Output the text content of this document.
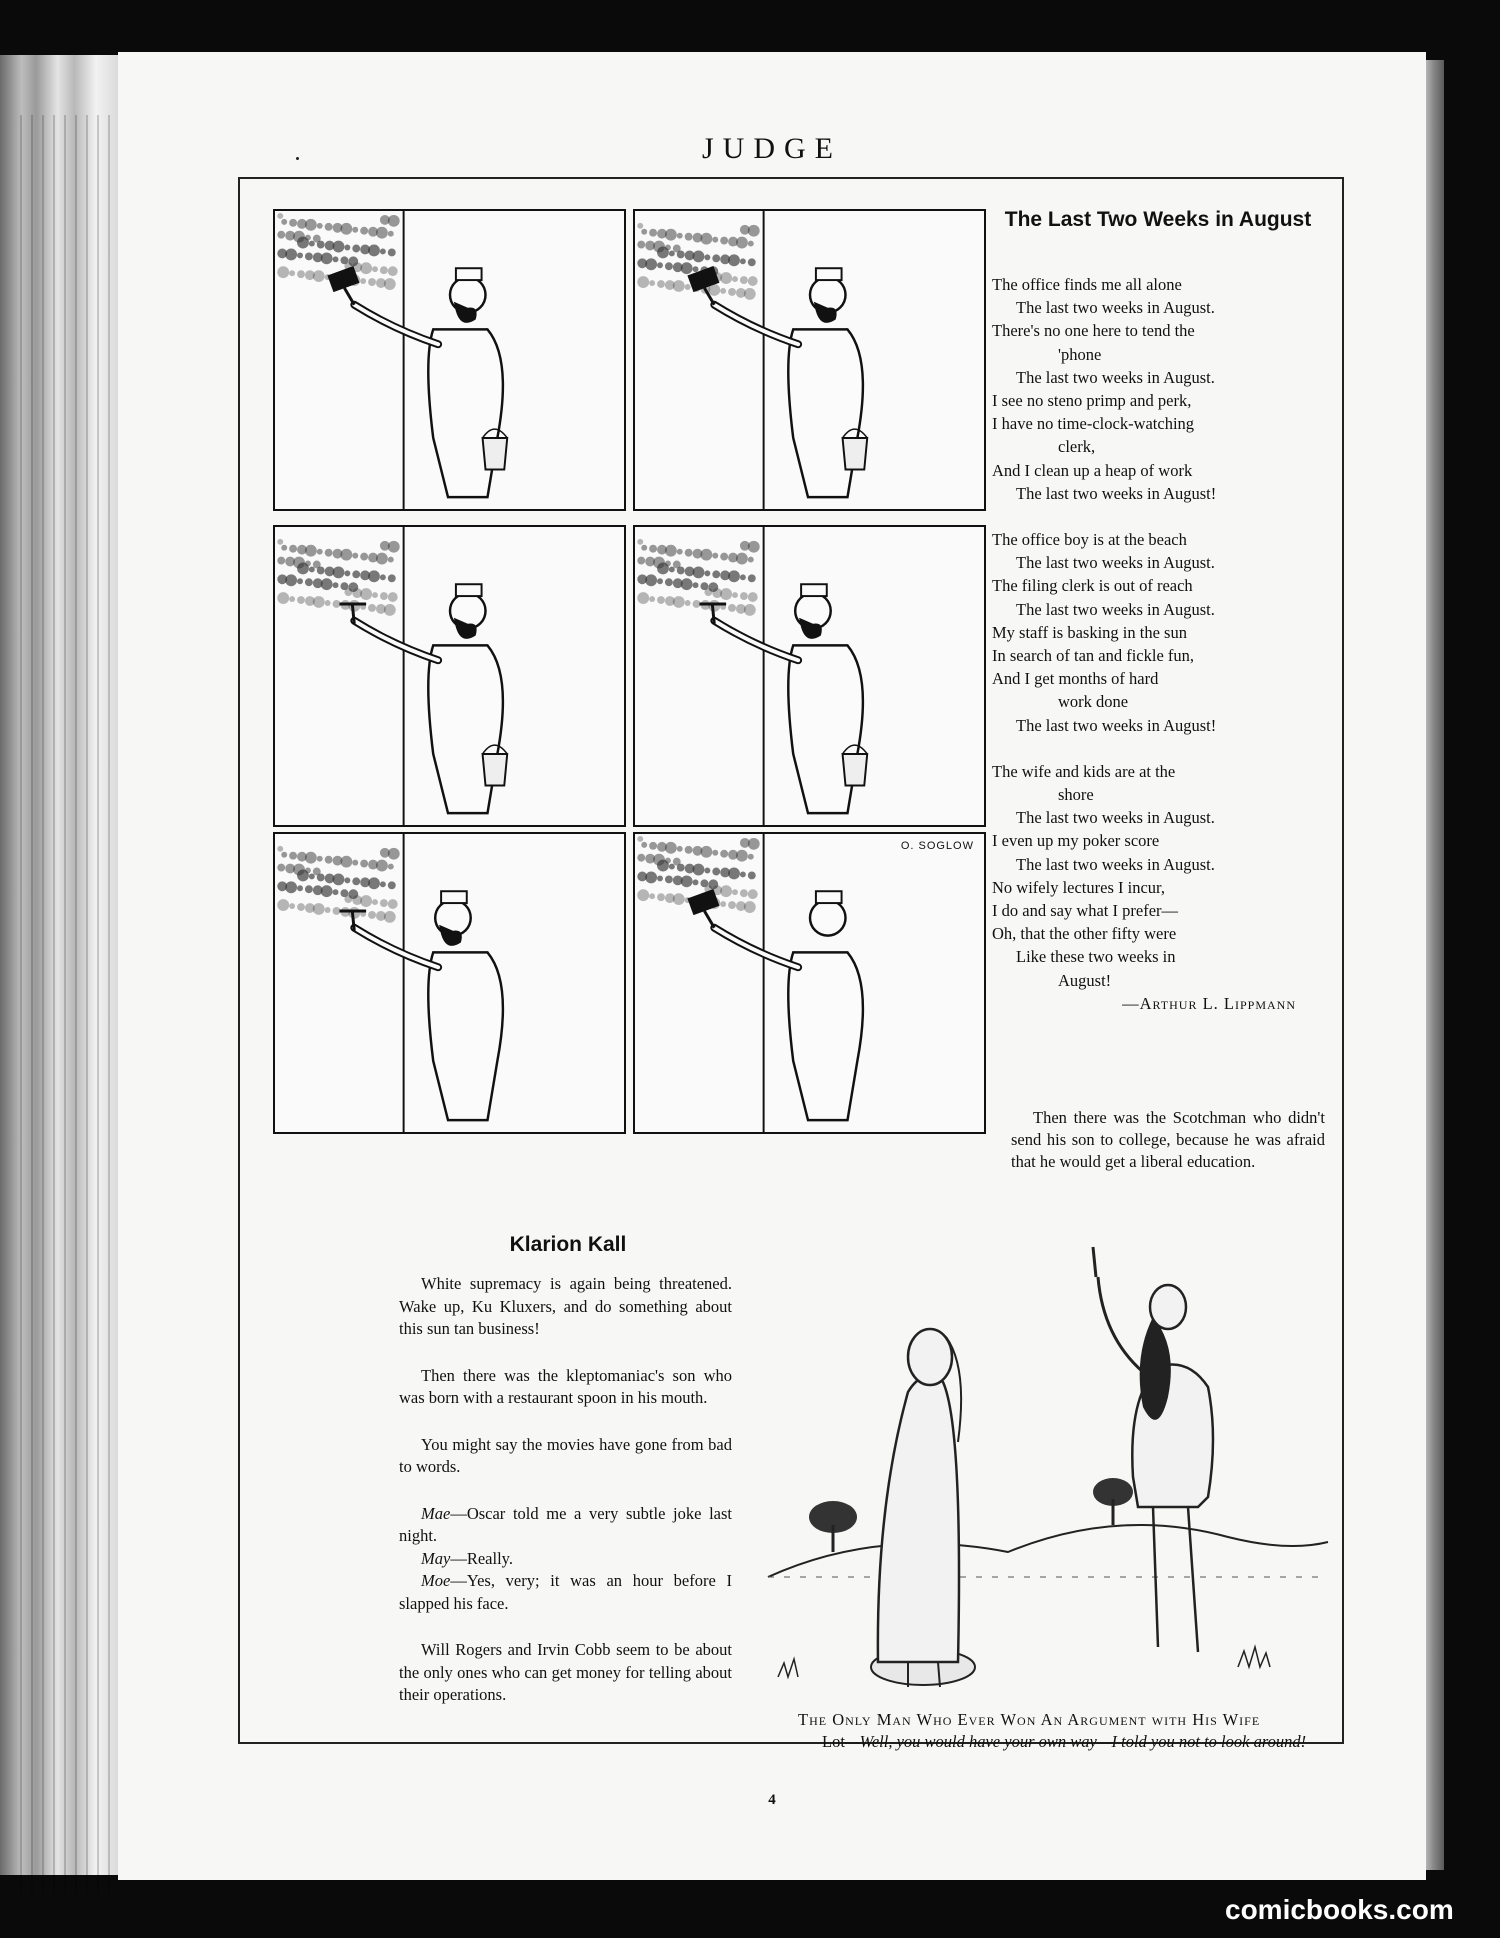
JUDGE
O. SOGLOW
The Last Two Weeks in August
The office finds me all alone
The last two weeks in August.
There's no one here to tend the
'phone
The last two weeks in August.
I see no steno primp and perk,
I have no time-clock-watching
clerk,
And I clean up a heap of work
The last two weeks in August!
The office boy is at the beach
The last two weeks in August.
The filing clerk is out of reach
The last two weeks in August.
My staff is basking in the sun
In search of tan and fickle fun,
And I get months of hard
work done
The last two weeks in August!
The wife and kids are at the
shore
The last two weeks in August.
I even up my poker score
The last two weeks in August.
No wifely lectures I incur,
I do and say what I prefer—
Oh, that the other fifty were
Like these two weeks in
August!
—Arthur L. Lippmann
Then there was the Scotchman who didn't send his son to college, because he was afraid that he would get a liberal education.
Klarion Kall

White supremacy is again being threatened. Wake up, Ku Kluxers, and do something about this sun tan business!

Then there was the kleptomaniac's son who was born with a restaurant spoon in his mouth.

You might say the movies have gone from bad to words.

Mae—Oscar told me a very subtle joke last night.

May—Really.

Moe—Yes, very; it was an hour before I slapped his face.

Will Rogers and Irvin Cobb seem to be about the only ones who can get money for telling about their operations.

The Only Man Who Ever Won An Argument with His Wife
Lot—Well, you would have your own way—I told you not to look around!
4
comicbooks.com
